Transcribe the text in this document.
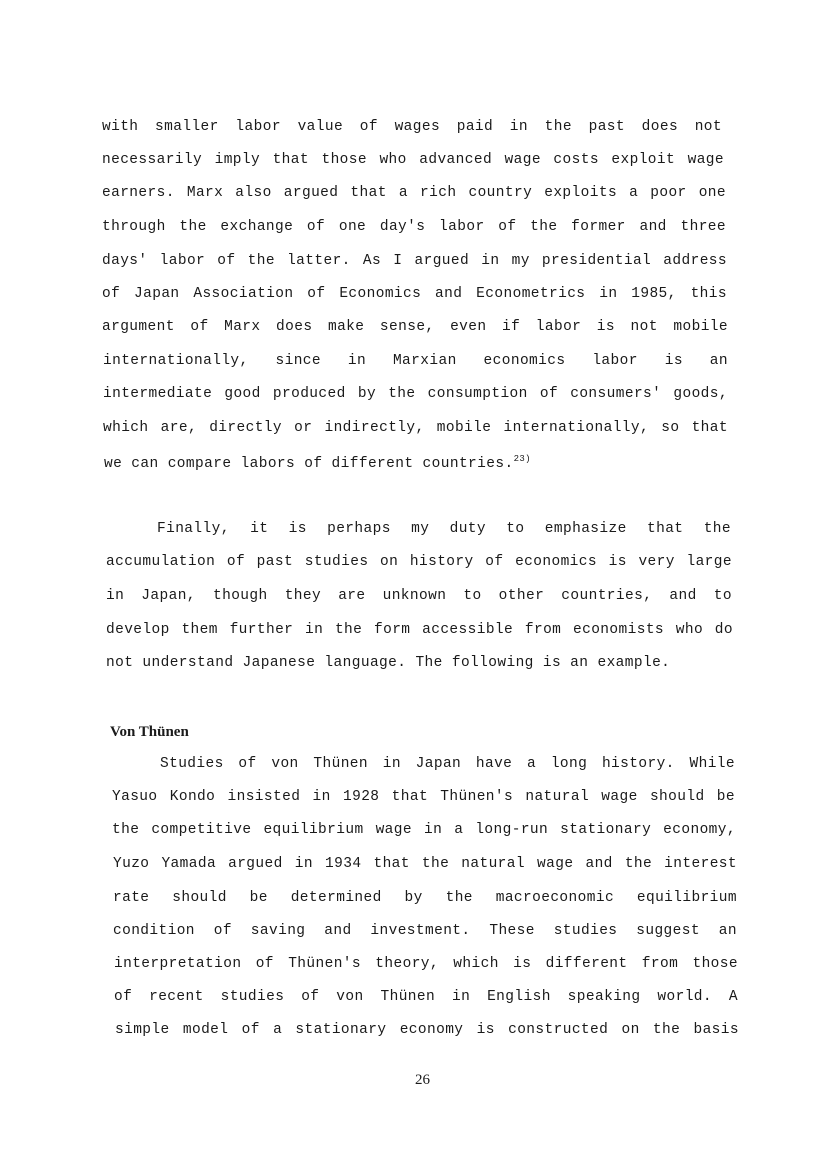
with smaller labor value of wages paid in the past does not
necessarily imply that those who advanced wage costs exploit wage
earners. Marx also argued that a rich country exploits a poor one
through the exchange of one day's labor of the former and three
days' labor of the latter. As I argued in my presidential address
of Japan Association of Economics and Econometrics in 1985, this
argument of Marx does make sense, even if labor is not mobile
internationally, since in Marxian economics labor is an
intermediate good produced by the consumption of consumers' goods,
which are, directly or indirectly, mobile internationally, so that
we can compare labors of different countries.$^{23)}$
Finally, it is perhaps my duty to emphasize that the
accumulation of past studies on history of economics is very large
in Japan, though they are unknown to other countries, and to
develop them further in the form accessible from economists who do
not understand Japanese language. The following is an example.
Von Thünen
Studies of von Thünen in Japan have a long history. While
Yasuo Kondo insisted in 1928 that Thünen's natural wage should be
the competitive equilibrium wage in a long-run stationary economy,
Yuzo Yamada argued in 1934 that the natural wage and the interest
rate should be determined by the macroeconomic equilibrium
condition of saving and investment. These studies suggest an
interpretation of Thünen's theory, which is different from those
of recent studies of von Thünen in English speaking world. A
simple model of a stationary economy is constructed on the basis
26
